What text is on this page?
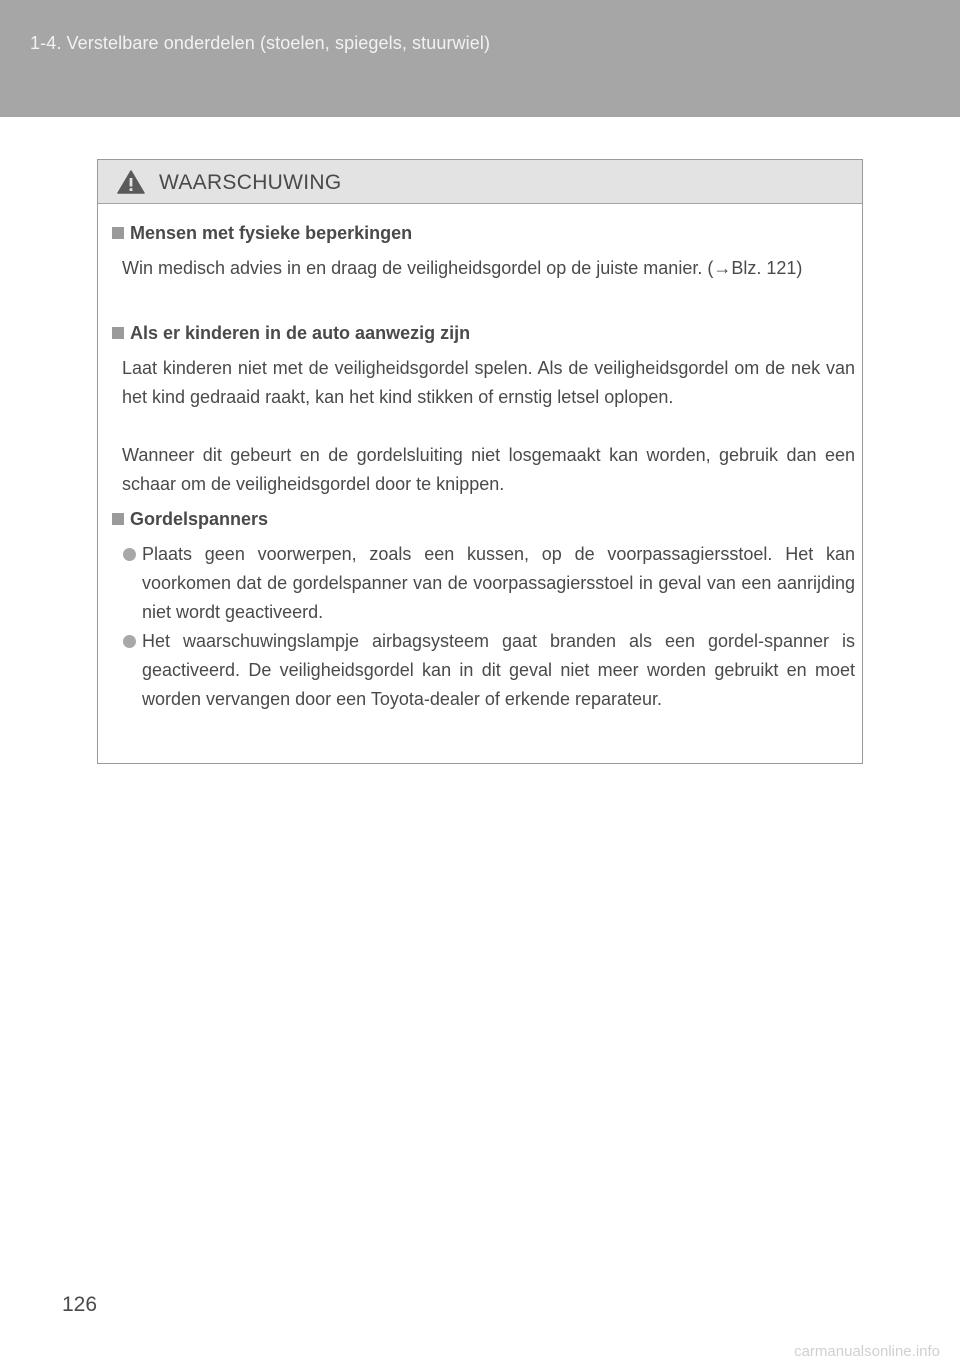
1-4. Verstelbare onderdelen (stoelen, spiegels, stuurwiel)
WAARSCHUWING
Mensen met fysieke beperkingen
Win medisch advies in en draag de veiligheidsgordel op de juiste manier. (→Blz. 121)
Als er kinderen in de auto aanwezig zijn
Laat kinderen niet met de veiligheidsgordel spelen. Als de veiligheidsgordel om de nek van het kind gedraaid raakt, kan het kind stikken of ernstig letsel oplopen.
Wanneer dit gebeurt en de gordelsluiting niet losgemaakt kan worden, gebruik dan een schaar om de veiligheidsgordel door te knippen.
Gordelspanners
Plaats geen voorwerpen, zoals een kussen, op de voorpassagiersstoel. Het kan voorkomen dat de gordelspanner van de voorpassagiersstoel in geval van een aanrijding niet wordt geactiveerd.
Het waarschuwingslampje airbagsysteem gaat branden als een gordel-spanner is geactiveerd. De veiligheidsgordel kan in dit geval niet meer worden gebruikt en moet worden vervangen door een Toyota-dealer of erkende reparateur.
126
carmanualsonline.info
